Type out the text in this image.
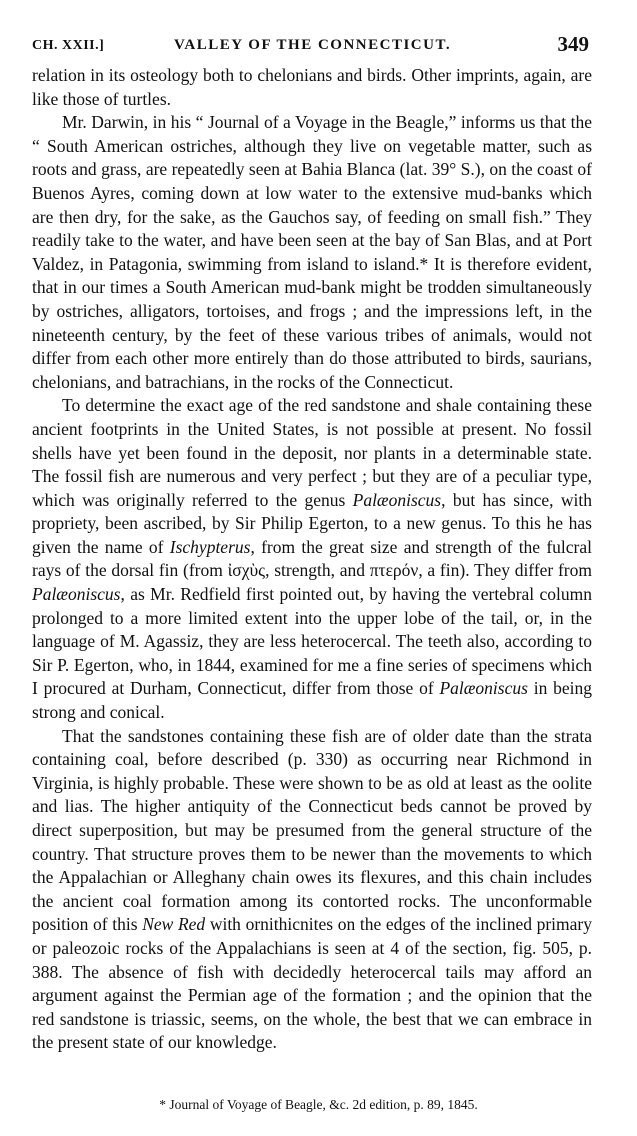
CH. XXII.]	VALLEY OF THE CONNECTICUT.	349

relation in its osteology both to chelonians and birds. Other imprints, again, are like those of turtles.

Mr. Darwin, in his “ Journal of a Voyage in the Beagle,” informs us that the “ South American ostriches, although they live on vegetable matter, such as roots and grass, are repeatedly seen at Bahia Blanca (lat. 39° S.), on the coast of Buenos Ayres, coming down at low water to the extensive mud-banks which are then dry, for the sake, as the Gauchos say, of feeding on small fish.” They readily take to the water, and have been seen at the bay of San Blas, and at Port Valdez, in Patagonia, swimming from island to island.* It is therefore evident, that in our times a South American mud-bank might be trodden simultaneously by ostriches, alligators, tortoises, and frogs ; and the impressions left, in the nineteenth century, by the feet of these various tribes of animals, would not differ from each other more entirely than do those attributed to birds, saurians, chelonians, and batrachians, in the rocks of the Connecticut.

To determine the exact age of the red sandstone and shale containing these ancient footprints in the United States, is not possible at present. No fossil shells have yet been found in the deposit, nor plants in a determinable state. The fossil fish are numerous and very perfect ; but they are of a peculiar type, which was originally referred to the genus Palæoniscus, but has since, with propriety, been ascribed, by Sir Philip Egerton, to a new genus. To this he has given the name of Ischypterus, from the great size and strength of the fulcral rays of the dorsal fin (from ἰσχὺς, strength, and πτερόν, a fin). They differ from Palæoniscus, as Mr. Redfield first pointed out, by having the vertebral column prolonged to a more limited extent into the upper lobe of the tail, or, in the language of M. Agassiz, they are less heterocercal. The teeth also, according to Sir P. Egerton, who, in 1844, examined for me a fine series of specimens which I procured at Durham, Connecticut, differ from those of Palæoniscus in being strong and conical.

That the sandstones containing these fish are of older date than the strata containing coal, before described (p. 330) as occurring near Richmond in Virginia, is highly probable. These were shown to be as old at least as the oolite and lias. The higher antiquity of the Connecticut beds cannot be proved by direct superposition, but may be presumed from the general structure of the country. That structure proves them to be newer than the movements to which the Appalachian or Alleghany chain owes its flexures, and this chain includes the ancient coal formation among its contorted rocks. The unconformable position of this New Red with ornithicnites on the edges of the inclined primary or paleozoic rocks of the Appalachians is seen at 4 of the section, fig. 505, p. 388. The absence of fish with decidedly heterocercal tails may afford an argument against the Permian age of the formation ; and the opinion that the red sandstone is triassic, seems, on the whole, the best that we can embrace in the present state of our knowledge.

* Journal of Voyage of Beagle, &c. 2d edition, p. 89, 1845.
